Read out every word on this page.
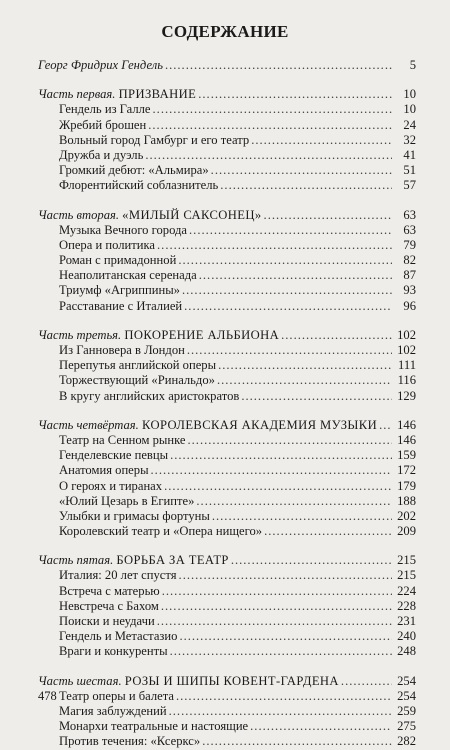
СОДЕРЖАНИЕ
Георг Фридрих Гендель .....	5
Часть первая. ПРИЗВАНИЕ .....	10
Гендель из Галле .....	10
Жребий брошен .....	24
Вольный город Гамбург и его театр .....	32
Дружба и дуэль .....	41
Громкий дебют: «Альмира» .....	51
Флорентийский соблазнитель .....	57
Часть вторая. «МИЛЫЙ САКСОНЕЦ» .....	63
Музыка Вечного города .....	63
Опера и политика .....	79
Роман с примадонной .....	82
Неаполитанская серенада .....	87
Триумф «Агриппины» .....	93
Расставание с Италией .....	96
Часть третья. ПОКОРЕНИЕ АЛЬБИОНА .....	102
Из Ганновера в Лондон .....	102
Перепутья английской оперы .....	111
Торжествующий «Ринальдо» .....	116
В кругу английских аристократов .....	129
Часть четвёртая. КОРОЛЕВСКАЯ АКАДЕМИЯ МУЗЫКИ ..... 146
Театр на Сенном рынке .....	146
Генделевские певцы .....	159
Анатомия оперы .....	172
О героях и тиранах .....	179
«Юлий Цезарь в Египте» .....	188
Улыбки и гримасы фортуны .....	202
Королевский театр и «Опера нищего» .....	209
Часть пятая. БОРЬБА ЗА ТЕАТР .....	215
Италия: 20 лет спустя .....	215
Встреча с матерью .....	224
Невстреча с Бахом .....	228
Поиски и неудачи .....	231
Гендель и Метастазио .....	240
Враги и конкуренты .....	248
Часть шестая. РОЗЫ И ШИПЫ КОВЕНТ-ГАРДЕНА .....	254
Театр оперы и балета .....	254
Магия заблуждений .....	259
Монархи театральные и настоящие .....	275
Против течения: «Ксеркс» .....	282
478
